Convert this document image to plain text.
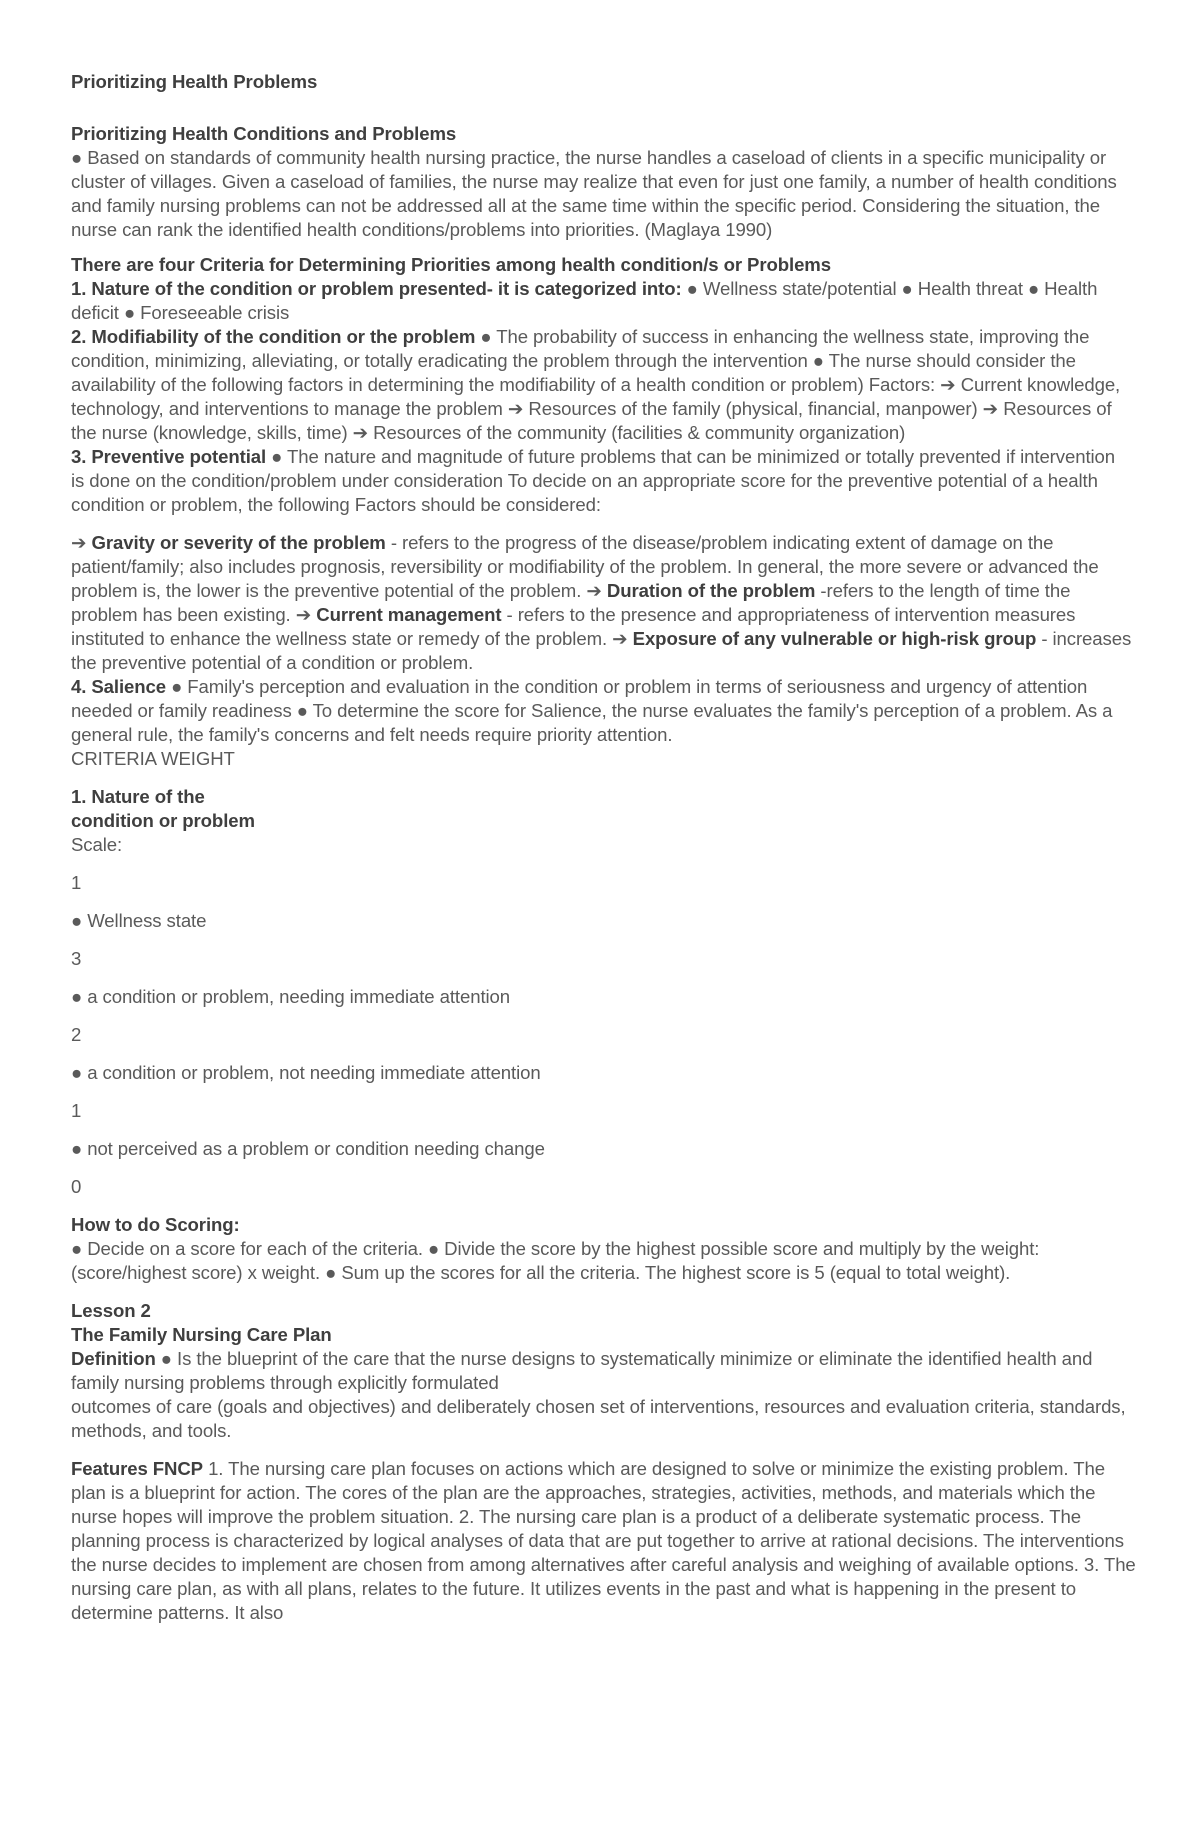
Prioritizing Health Problems

Prioritizing Health Conditions and Problems
● Based on standards of community health nursing practice, the nurse handles a caseload of clients in a specific municipality or cluster of villages. Given a caseload of families, the nurse may realize that even for just one family, a number of health conditions and family nursing problems can not be addressed all at the same time within the specific period. Considering the situation, the nurse can rank the identified health conditions/problems into priorities. (Maglaya 1990)

There are four Criteria for Determining Priorities among health condition/s or Problems
1. Nature of the condition or problem presented- it is categorized into: ● Wellness state/potential ● Health threat ● Health deficit ● Foreseeable crisis
2. Modifiability of the condition or the problem ● The probability of success in enhancing the wellness state, improving the condition, minimizing, alleviating, or totally eradicating the problem through the intervention ● The nurse should consider the availability of the following factors in determining the modifiability of a health condition or problem) Factors: ➔ Current knowledge, technology, and interventions to manage the problem ➔ Resources of the family (physical, financial, manpower) ➔ Resources of the nurse (knowledge, skills, time) ➔ Resources of the community (facilities & community organization)
3. Preventive potential ● The nature and magnitude of future problems that can be minimized or totally prevented if intervention
is done on the condition/problem under consideration To decide on an appropriate score for the preventive potential of a health condition or problem, the following Factors should be considered:

➔ Gravity or severity of the problem - refers to the progress of the disease/problem indicating extent of damage on the patient/family; also includes prognosis, reversibility or modifiability of the problem. In general, the more severe or advanced the problem is, the lower is the preventive potential of the problem. ➔ Duration of the problem -refers to the length of time the problem has been existing. ➔ Current management - refers to the presence and appropriateness of intervention measures instituted to enhance the wellness state or remedy of the problem. ➔ Exposure of any vulnerable or high-risk group - increases the preventive potential of a condition or problem.
4. Salience ● Family's perception and evaluation in the condition or problem in terms of seriousness and urgency of attention needed or family readiness ● To determine the score for Salience, the nurse evaluates the family's perception of a problem. As a general rule, the family's concerns and felt needs require priority attention.
CRITERIA WEIGHT

1. Nature of the
condition or problem
Scale:

1

● Wellness state

3

● a condition or problem, needing immediate attention

2

● a condition or problem, not needing immediate attention

1

● not perceived as a problem or condition needing change

0

How to do Scoring:
● Decide on a score for each of the criteria. ● Divide the score by the highest possible score and multiply by the weight: (score/highest score) x weight. ● Sum up the scores for all the criteria. The highest score is 5 (equal to total weight).

Lesson 2
The Family Nursing Care Plan
Definition ● Is the blueprint of the care that the nurse designs to systematically minimize or eliminate the identified health and family nursing problems through explicitly formulated
outcomes of care (goals and objectives) and deliberately chosen set of interventions, resources and evaluation criteria, standards, methods, and tools.

Features FNCP 1. The nursing care plan focuses on actions which are designed to solve or minimize the existing problem. The plan is a blueprint for action. The cores of the plan are the approaches, strategies, activities, methods, and materials which the nurse hopes will improve the problem situation. 2. The nursing care plan is a product of a deliberate systematic process. The planning process is characterized by logical analyses of data that are put together to arrive at rational decisions. The interventions the nurse decides to implement are chosen from among alternatives after careful analysis and weighing of available options. 3. The nursing care plan, as with all plans, relates to the future. It utilizes events in the past and what is happening in the present to determine patterns. It also
